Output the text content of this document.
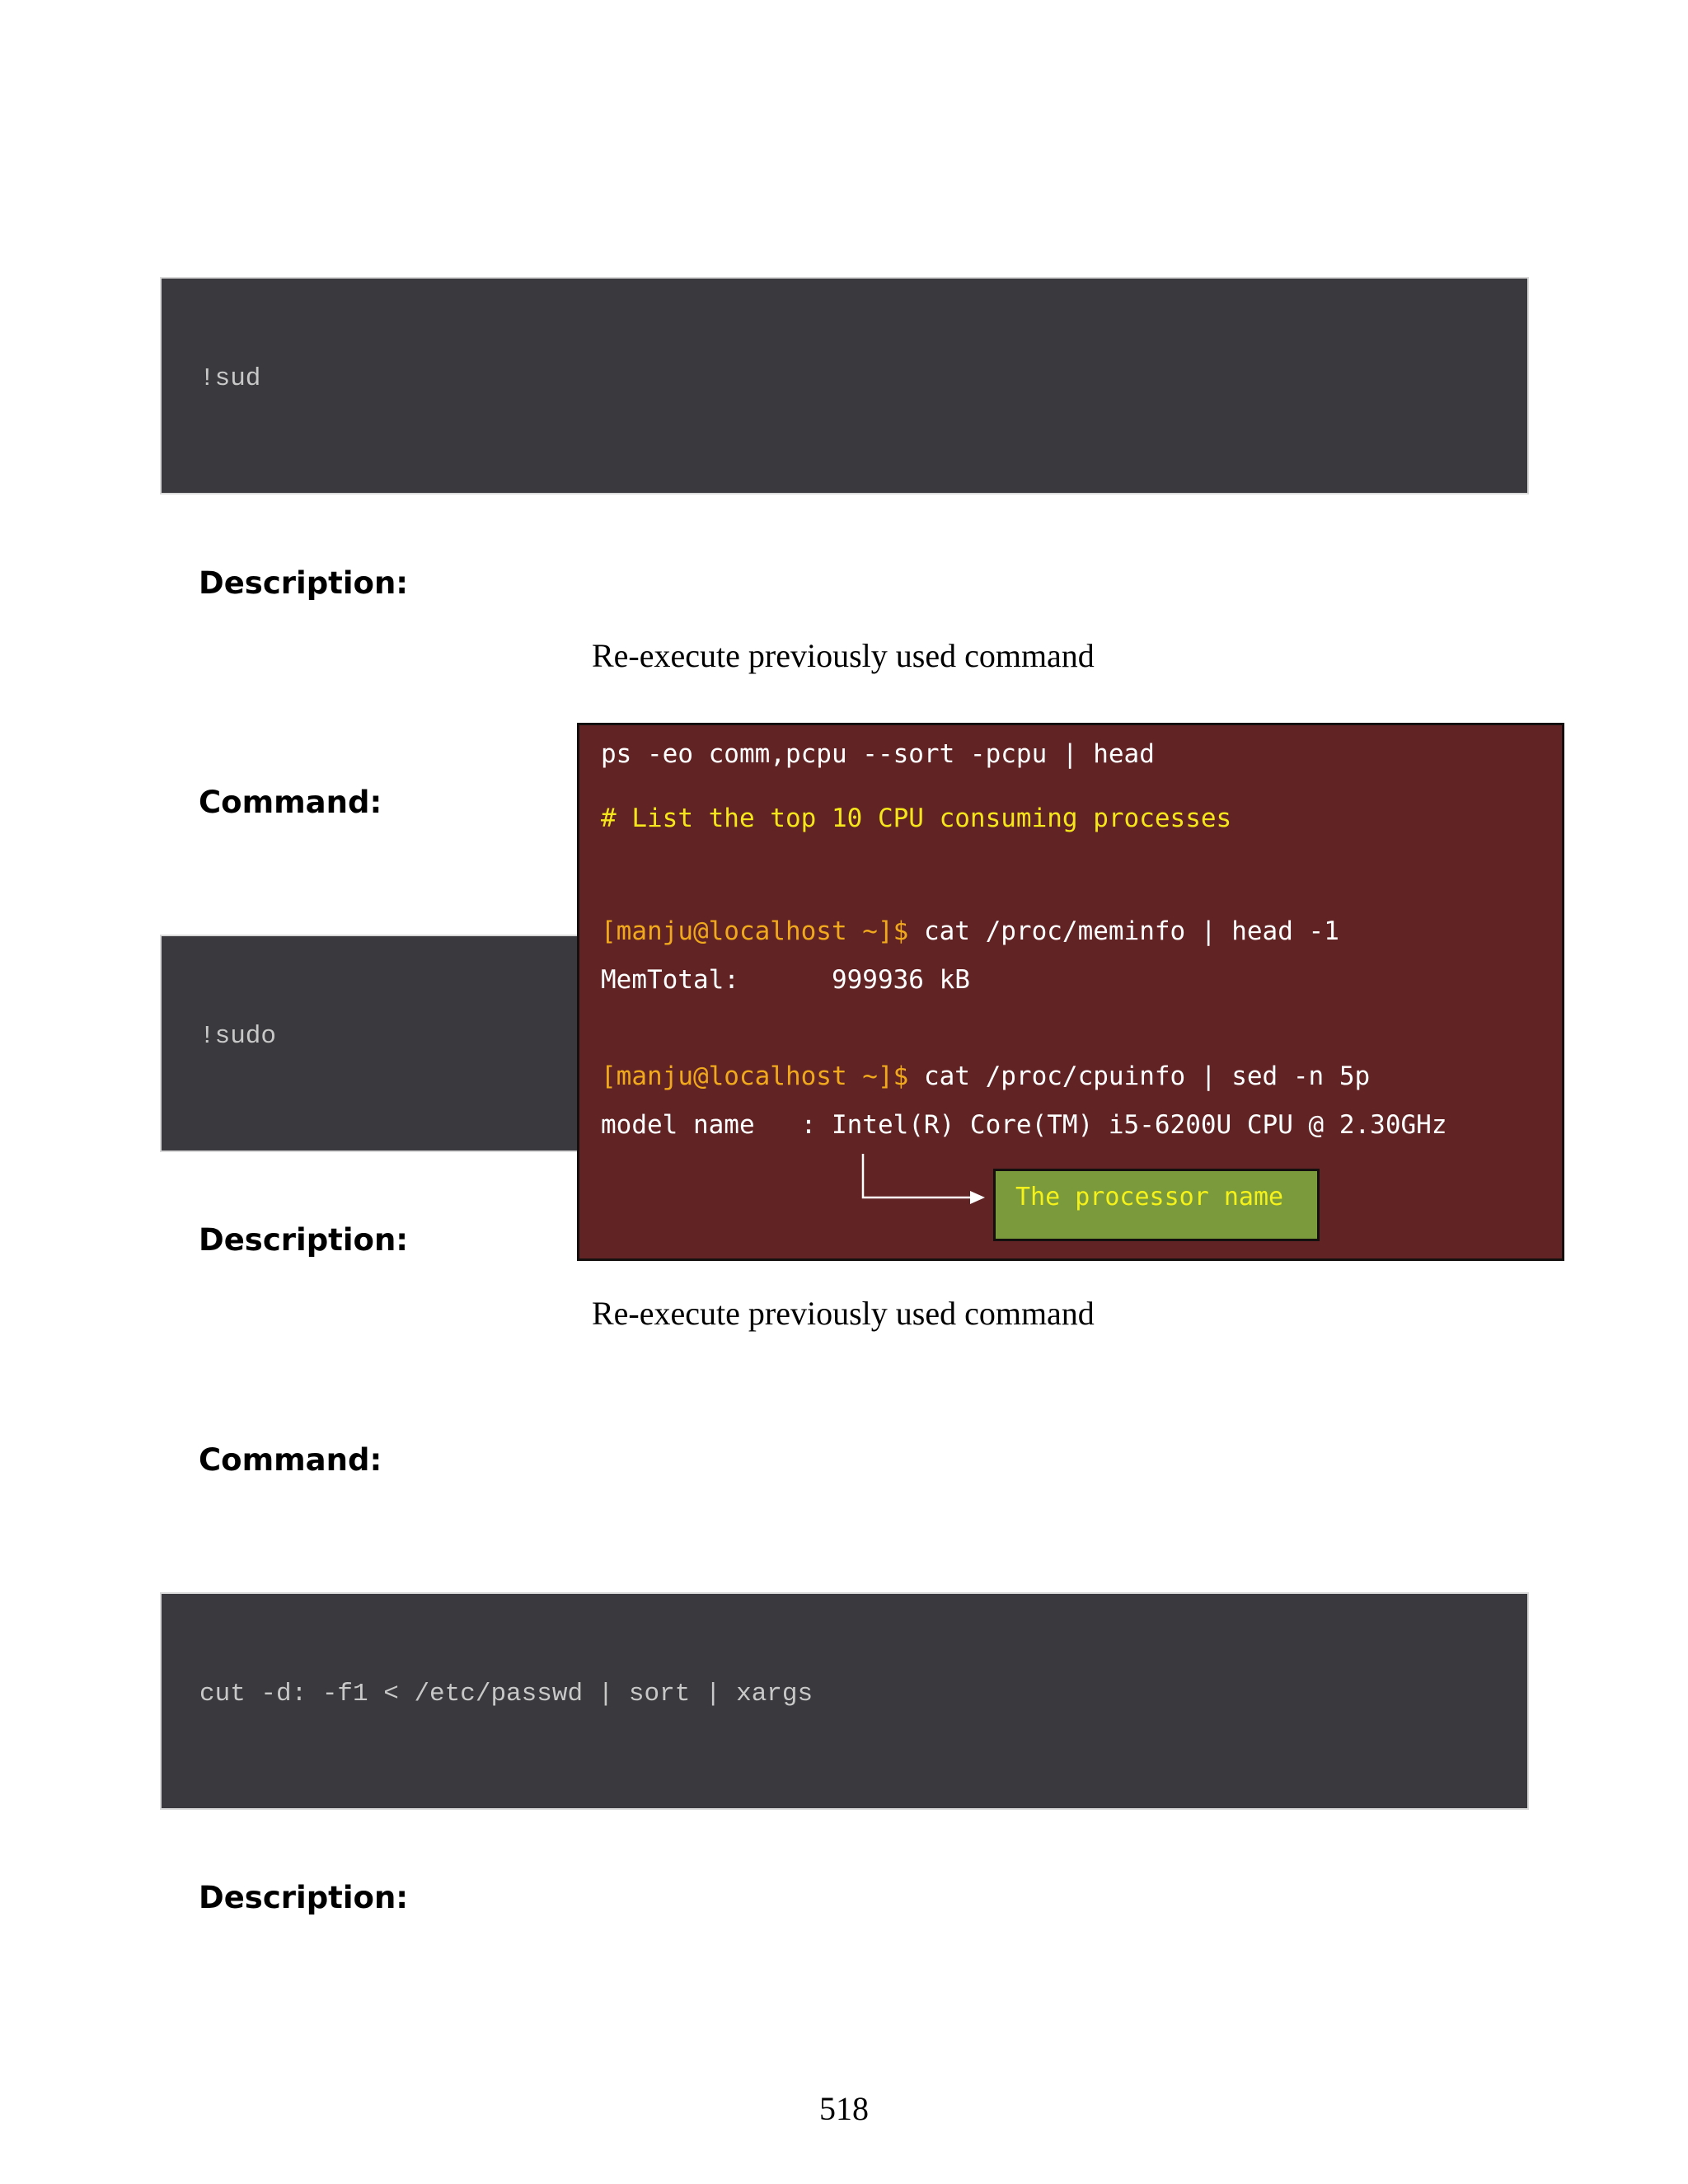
!sud
Description:
Re-execute previously used command
Command:
!sudo
Description:
Re-execute previously used command
Command:
cut -d: -f1 < /etc/passwd | sort | xargs
Description:
ps -eo comm,pcpu --sort -pcpu | head
# List the top 10 CPU consuming processes
[manju@localhost ~]$ cat /proc/meminfo | head -1
MemTotal:      999936 kB
[manju@localhost ~]$ cat /proc/cpuinfo | sed -n 5p
model name   : Intel(R) Core(TM) i5-6200U CPU @ 2.30GHz
The processor name
518
